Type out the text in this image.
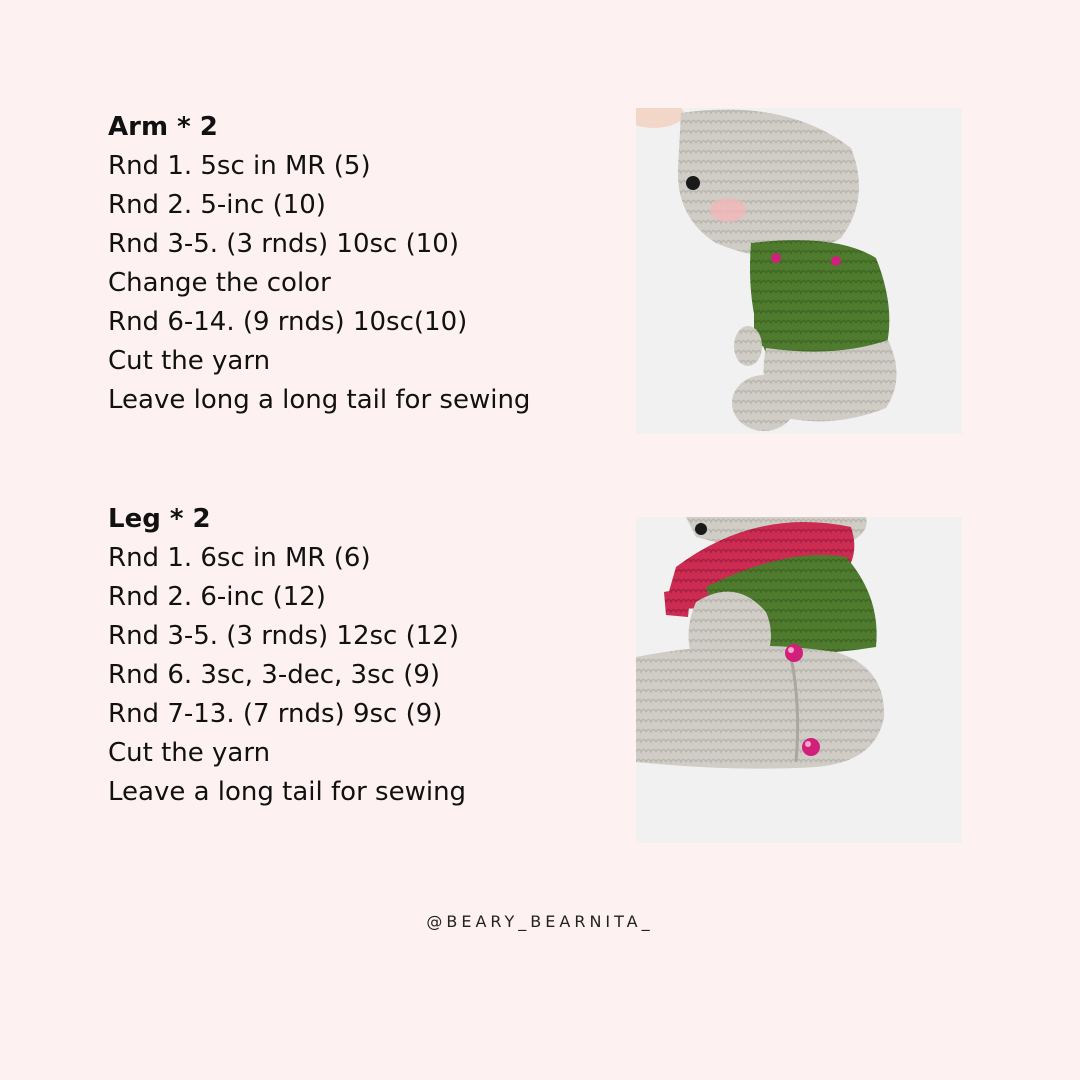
Arm * 2
Rnd 1. 5sc in MR (5)
Rnd 2. 5-inc (10)
Rnd 3-5. (3 rnds) 10sc (10)
Change the color
Rnd 6-14. (9 rnds) 10sc(10)
Cut the yarn
Leave long a long tail for sewing
Leg * 2
Rnd 1. 6sc in MR (6)
Rnd 2. 6-inc (12)
Rnd 3-5. (3 rnds) 12sc (12)
Rnd 6. 3sc, 3-dec, 3sc (9)
Rnd 7-13. (7 rnds) 9sc (9)
Cut the yarn
Leave a long tail for sewing
@BEARY_BEARNITA_
